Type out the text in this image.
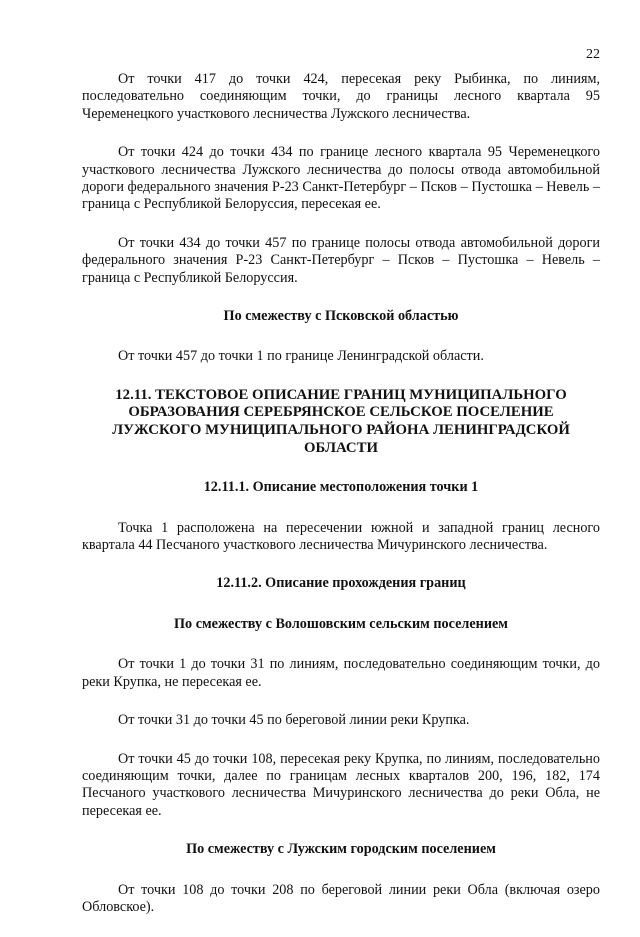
22

От точки 417 до точки 424, пересекая реку Рыбинка, по линиям, последовательно соединяющим точки, до границы лесного квартала 95 Череменецкого участкового лесничества Лужского лесничества.

От точки 424 до точки 434 по границе лесного квартала 95 Череменецкого участкового лесничества Лужского лесничества до полосы отвода автомобильной дороги федерального значения Р-23 Санкт-Петербург – Псков – Пустошка – Невель – граница с Республикой Белоруссия, пересекая ее.

От точки 434 до точки 457 по границе полосы отвода автомобильной дороги федерального значения Р-23 Санкт-Петербург – Псков – Пустошка – Невель – граница с Республикой Белоруссия.

По смежеству с Псковской областью

От точки 457 до точки 1 по границе Ленинградской области.

12.11. ТЕКСТОВОЕ ОПИСАНИЕ ГРАНИЦ МУНИЦИПАЛЬНОГО ОБРАЗОВАНИЯ СЕРЕБРЯНСКОЕ СЕЛЬСКОЕ ПОСЕЛЕНИЕ ЛУЖСКОГО МУНИЦИПАЛЬНОГО РАЙОНА ЛЕНИНГРАДСКОЙ ОБЛАСТИ

12.11.1. Описание местоположения точки 1

Точка 1 расположена на пересечении южной и западной границ лесного квартала 44 Песчаного участкового лесничества Мичуринского лесничества.

12.11.2. Описание прохождения границ

По смежеству с Волошовским сельским поселением

От точки 1 до точки 31 по линиям, последовательно соединяющим точки, до реки Крупка, не пересекая ее.

От точки 31 до точки 45 по береговой линии реки Крупка.

От точки 45 до точки 108, пересекая реку Крупка, по линиям, последовательно соединяющим точки, далее по границам лесных кварталов 200, 196, 182, 174 Песчаного участкового лесничества Мичуринского лесничества до реки Обла, не пересекая ее.

По смежеству с Лужским городским поселением

От точки 108 до точки 208 по береговой линии реки Обла (включая озеро Обловское).
